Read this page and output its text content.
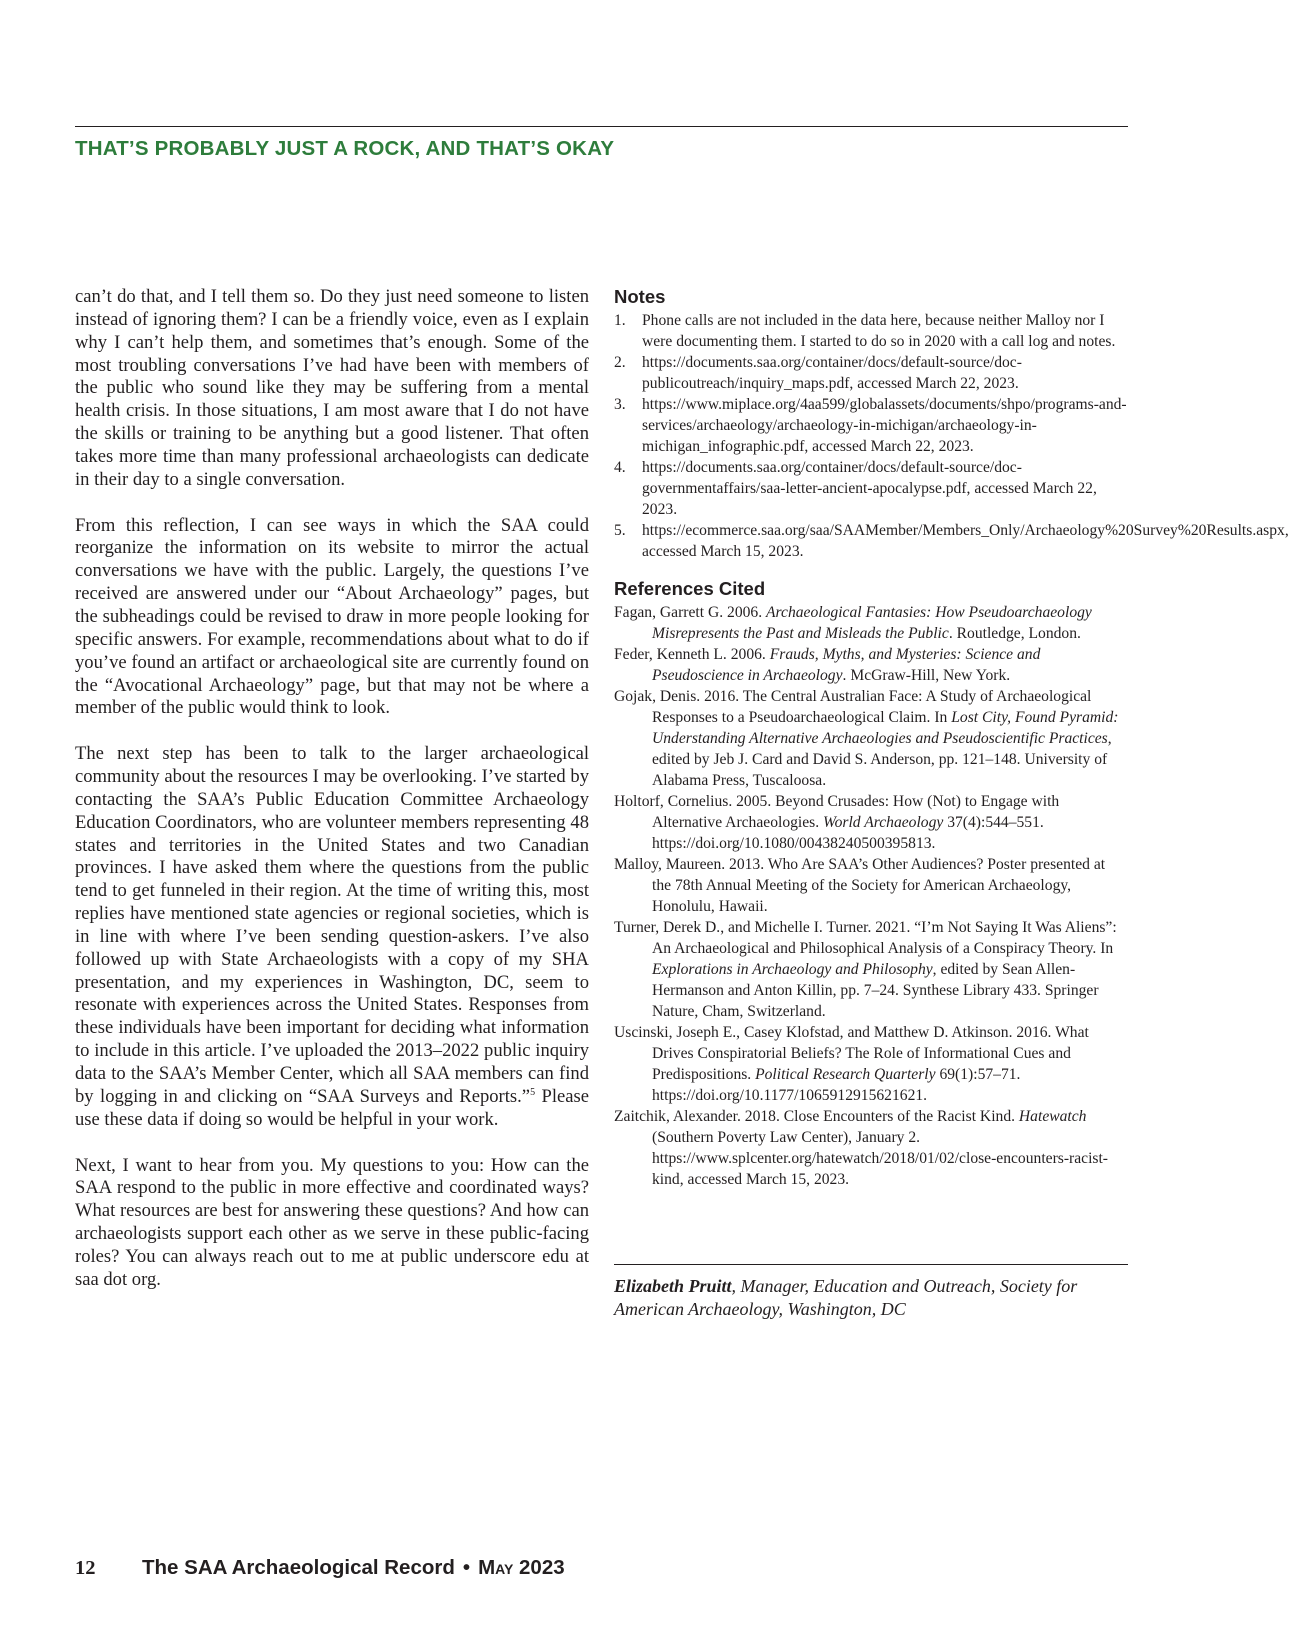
THAT’S PROBABLY JUST A ROCK, AND THAT’S OKAY

can’t do that, and I tell them so. Do they just need someone to listen instead of ignoring them? I can be a friendly voice, even as I explain why I can’t help them, and sometimes that’s enough. Some of the most troubling conversations I’ve had have been with members of the public who sound like they may be suffering from a mental health crisis. In those situations, I am most aware that I do not have the skills or training to be anything but a good listener. That often takes more time than many professional archaeologists can dedicate in their day to a single conversation.

From this reflection, I can see ways in which the SAA could reorganize the information on its website to mirror the actual conversations we have with the public. Largely, the questions I’ve received are answered under our “About Archaeology” pages, but the subheadings could be revised to draw in more people looking for specific answers. For example, recommendations about what to do if you’ve found an artifact or archaeological site are currently found on the “Avocational Archaeology” page, but that may not be where a member of the public would think to look.

The next step has been to talk to the larger archaeological community about the resources I may be overlooking. I’ve started by contacting the SAA’s Public Education Committee Archaeology Education Coordinators, who are volunteer members representing 48 states and territories in the United States and two Canadian provinces. I have asked them where the questions from the public tend to get funneled in their region. At the time of writing this, most replies have mentioned state agencies or regional societies, which is in line with where I’ve been sending question-askers. I’ve also followed up with State Archaeologists with a copy of my SHA presentation, and my experiences in Washington, DC, seem to resonate with experiences across the United States. Responses from these individuals have been important for deciding what information to include in this article. I’ve uploaded the 2013–2022 public inquiry data to the SAA’s Member Center, which all SAA members can find by logging in and clicking on “SAA Surveys and Reports.”$^5$ Please use these data if doing so would be helpful in your work.

Next, I want to hear from you. My questions to you: How can the SAA respond to the public in more effective and coordinated ways? What resources are best for answering these questions? And how can archaeologists support each other as we serve in these public-facing roles? You can always reach out to me at public underscore edu at saa dot org.

Notes
1. Phone calls are not included in the data here, because neither Malloy nor I were documenting them. I started to do so in 2020 with a call log and notes.
2. https://documents.saa.org/container/docs/default-source/doc-publicoutreach/inquiry_maps.pdf, accessed March 22, 2023.
3. https://www.miplace.org/4aa599/globalassets/documents/shpo/programs-and-services/archaeology/archaeology-in-michigan/archaeology-in-michigan_infographic.pdf, accessed March 22, 2023.
4. https://documents.saa.org/container/docs/default-source/doc-governmentaffairs/saa-letter-ancient-apocalypse.pdf, accessed March 22, 2023.
5. https://ecommerce.saa.org/saa/SAAMember/Members_Only/Archaeology%20Survey%20Results.aspx, accessed March 15, 2023.
References Cited
Fagan, Garrett G. 2006. Archaeological Fantasies: How Pseudoarchaeology Misrepresents the Past and Misleads the Public. Routledge, London.
Feder, Kenneth L. 2006. Frauds, Myths, and Mysteries: Science and Pseudoscience in Archaeology. McGraw-Hill, New York.
Gojak, Denis. 2016. The Central Australian Face: A Study of Archaeological Responses to a Pseudoarchaeological Claim. In Lost City, Found Pyramid: Understanding Alternative Archaeologies and Pseudoscientific Practices, edited by Jeb J. Card and David S. Anderson, pp. 121–148. University of Alabama Press, Tuscaloosa.
Holtorf, Cornelius. 2005. Beyond Crusades: How (Not) to Engage with Alternative Archaeologies. World Archaeology 37(4):544–551. https://doi.org/10.1080/00438240500395813.
Malloy, Maureen. 2013. Who Are SAA’s Other Audiences? Poster presented at the 78th Annual Meeting of the Society for American Archaeology, Honolulu, Hawaii.
Turner, Derek D., and Michelle I. Turner. 2021. “I’m Not Saying It Was Aliens”: An Archaeological and Philosophical Analysis of a Conspiracy Theory. In Explorations in Archaeology and Philosophy, edited by Sean Allen-Hermanson and Anton Killin, pp. 7–24. Synthese Library 433. Springer Nature, Cham, Switzerland.
Uscinski, Joseph E., Casey Klofstad, and Matthew D. Atkinson. 2016. What Drives Conspiratorial Beliefs? The Role of Informational Cues and Predispositions. Political Research Quarterly 69(1):57–71. https://doi.org/10.1177/1065912915621621.
Zaitchik, Alexander. 2018. Close Encounters of the Racist Kind. Hatewatch (Southern Poverty Law Center), January 2. https://www.splcenter.org/hatewatch/2018/01/02/close-encounters-racist-kind, accessed March 15, 2023.

Elizabeth Pruitt, Manager, Education and Outreach, Society for American Archaeology, Washington, DC

12 The SAA Archaeological Record • May 2023
